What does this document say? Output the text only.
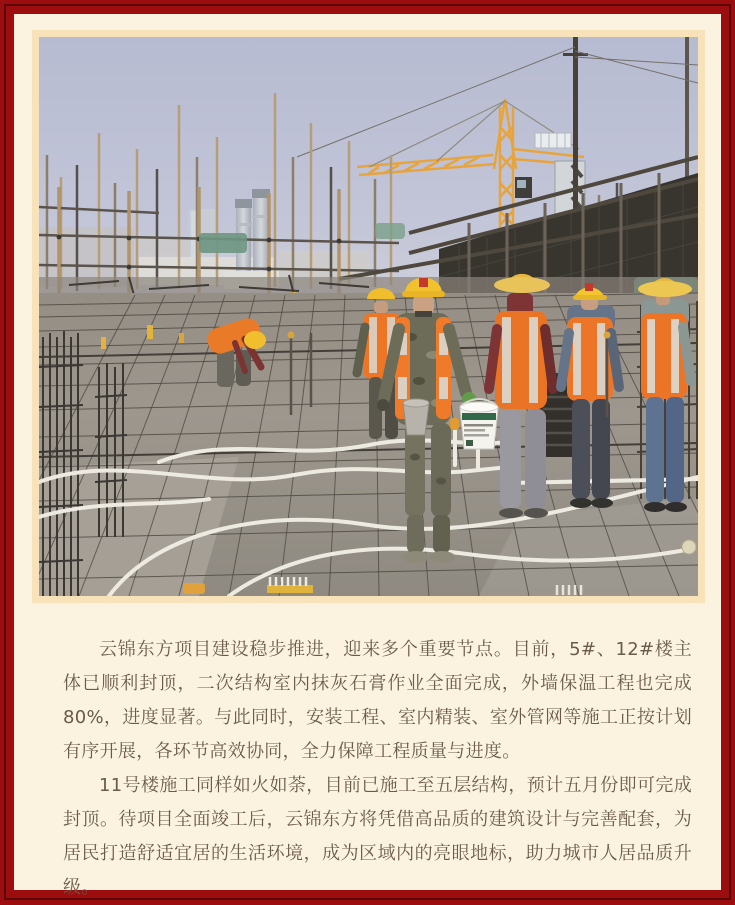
云锦东方项目建设稳步推进，迎来多个重要节点。目前，5#、12#楼主体已顺利封顶，二次结构室内抹灰石膏作业全面完成，外墙保温工程也完成80%，进度显著。与此同时，安装工程、室内精装、室外管网等施工正按计划有序开展，各环节高效协同，全力保障工程质量与进度。

11号楼施工同样如火如荼，目前已施工至五层结构，预计五月份即可完成封顶。待项目全面竣工后，云锦东方将凭借高品质的建筑设计与完善配套，为居民打造舒适宜居的生活环境，成为区域内的亮眼地标，助力城市人居品质升级。
